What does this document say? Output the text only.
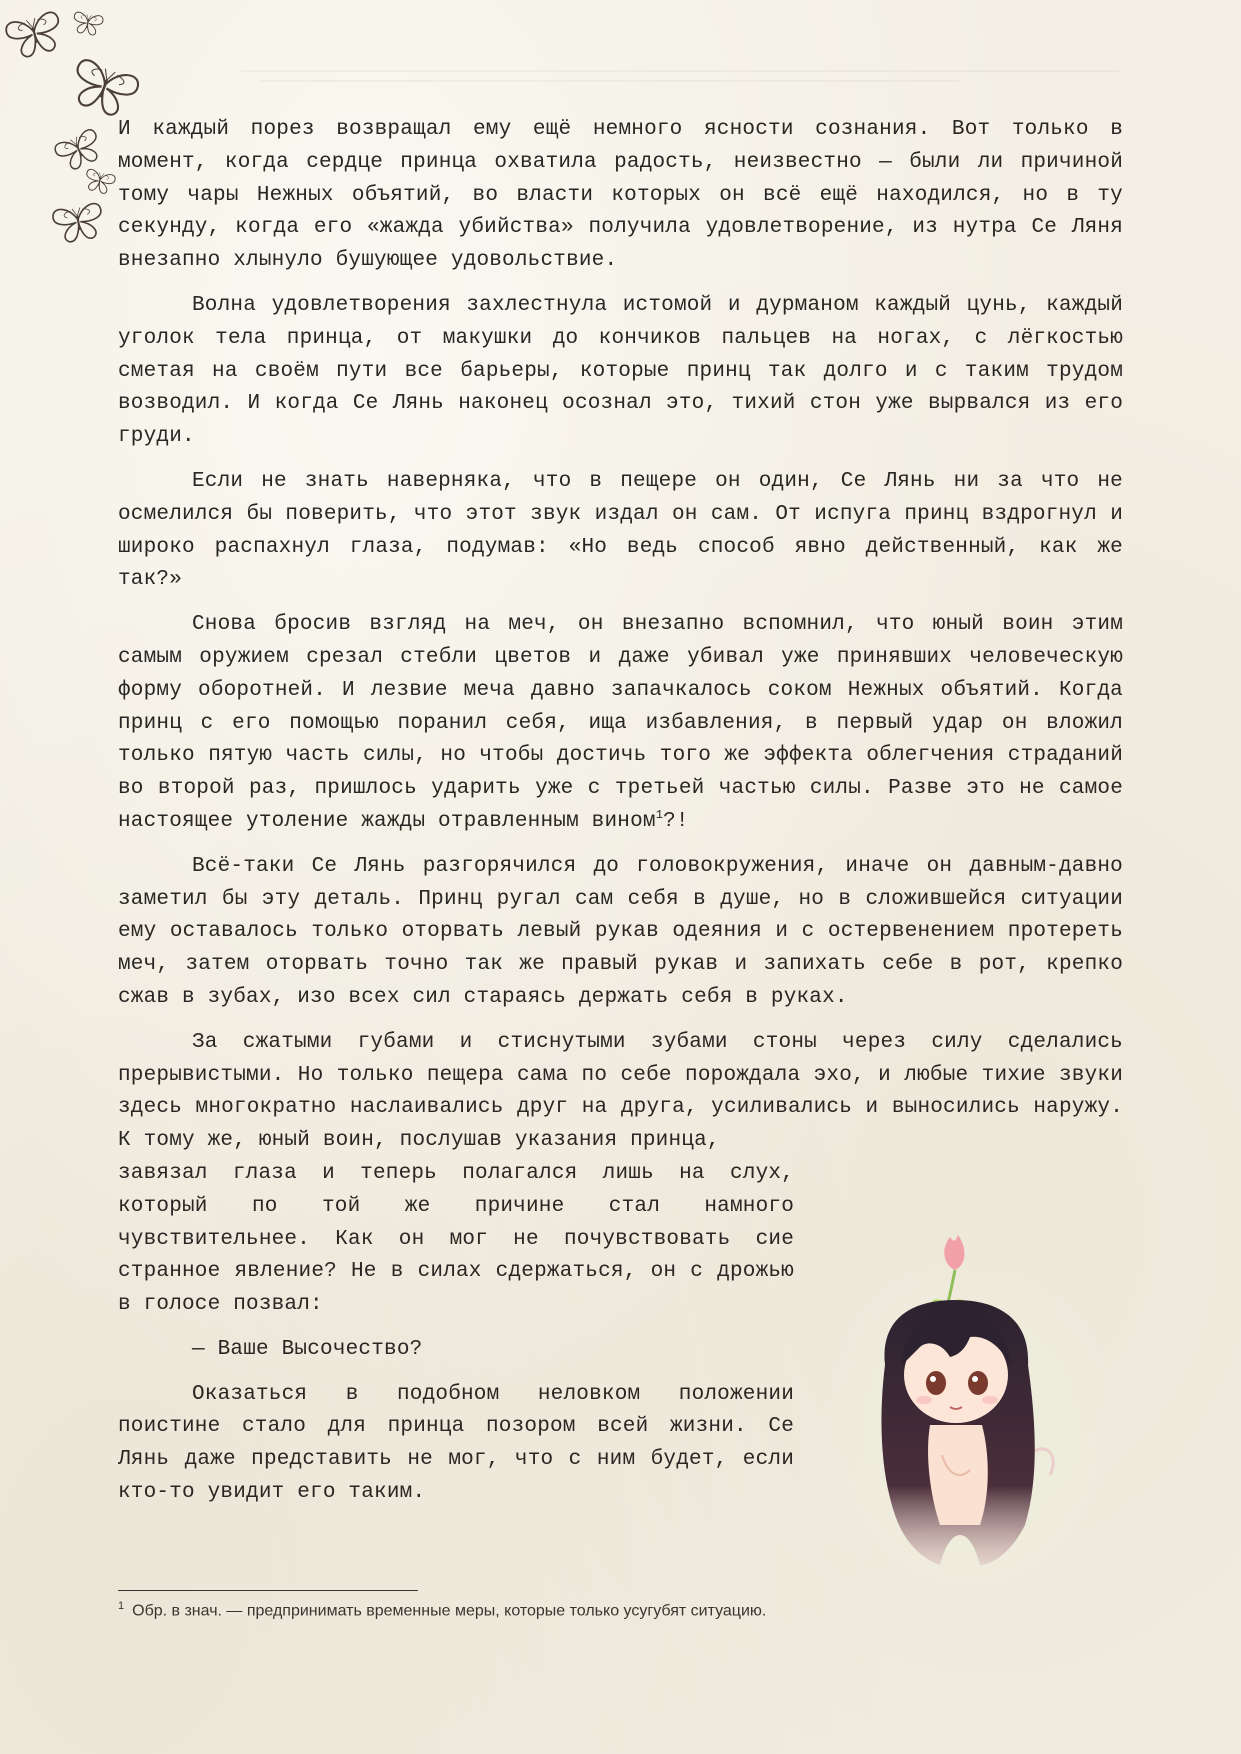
И каждый порез возвращал ему ещё немного ясности сознания. Вот только в момент, когда сердце принца охватила радость, неизвестно — были ли причиной тому чары Нежных объятий, во власти которых он всё ещё находился, но в ту секунду, когда его «жажда убийства» получила удовлетворение, из нутра Се Ляня внезапно хлынуло бушующее удовольствие.

Волна удовлетворения захлестнула истомой и дурманом каждый цунь, каждый уголок тела принца, от макушки до кончиков пальцев на ногах, с лёгкостью сметая на своём пути все барьеры, которые принц так долго и с таким трудом возводил. И когда Се Лянь наконец осознал это, тихий стон уже вырвался из его груди.

Если не знать наверняка, что в пещере он один, Се Лянь ни за что не осмелился бы поверить, что этот звук издал он сам. От испуга принц вздрогнул и широко распахнул глаза, подумав: «Но ведь способ явно действенный, как же так?»

Снова бросив взгляд на меч, он внезапно вспомнил, что юный воин этим самым оружием срезал стебли цветов и даже убивал уже принявших человеческую форму оборотней. И лезвие меча давно запачкалось соком Нежных объятий. Когда принц с его помощью поранил себя, ища избавления, в первый удар он вложил только пятую часть силы, но чтобы достичь того же эффекта облегчения страданий во второй раз, пришлось ударить уже с третьей частью силы. Разве это не самое настоящее утоление жажды отравленным вином$^1$?!

Всё-таки Се Лянь разгорячился до головокружения, иначе он давным-давно заметил бы эту деталь. Принц ругал сам себя в душе, но в сложившейся ситуации ему оставалось только оторвать левый рукав одеяния и с остервенением протереть меч, затем оторвать точно так же правый рукав и запихать себе в рот, крепко сжав в зубах, изо всех сил стараясь держать себя в руках.

За сжатыми губами и стиснутыми зубами стоны через силу сделались прерывистыми. Но только пещера сама по себе порождала эхо, и любые тихие звуки здесь многократно наслаивались друг на друга, усиливались и выносились наружу. К тому же, юный воин, послушав указания принца,

завязал глаза и теперь полагался лишь на слух, который по той же причине стал намного чувствительнее. Как он мог не почувствовать сие странное явление? Не в силах сдержаться, он с дрожью в голосе позвал:

— Ваше Высочество?

Оказаться в подобном неловком положении поистине стало для принца позором всей жизни. Се Лянь даже представить не мог, что с ним будет, если кто-то увидит его таким.

$^1$ Обр. в знач. — предпринимать временные меры, которые только усугубят ситуацию.
